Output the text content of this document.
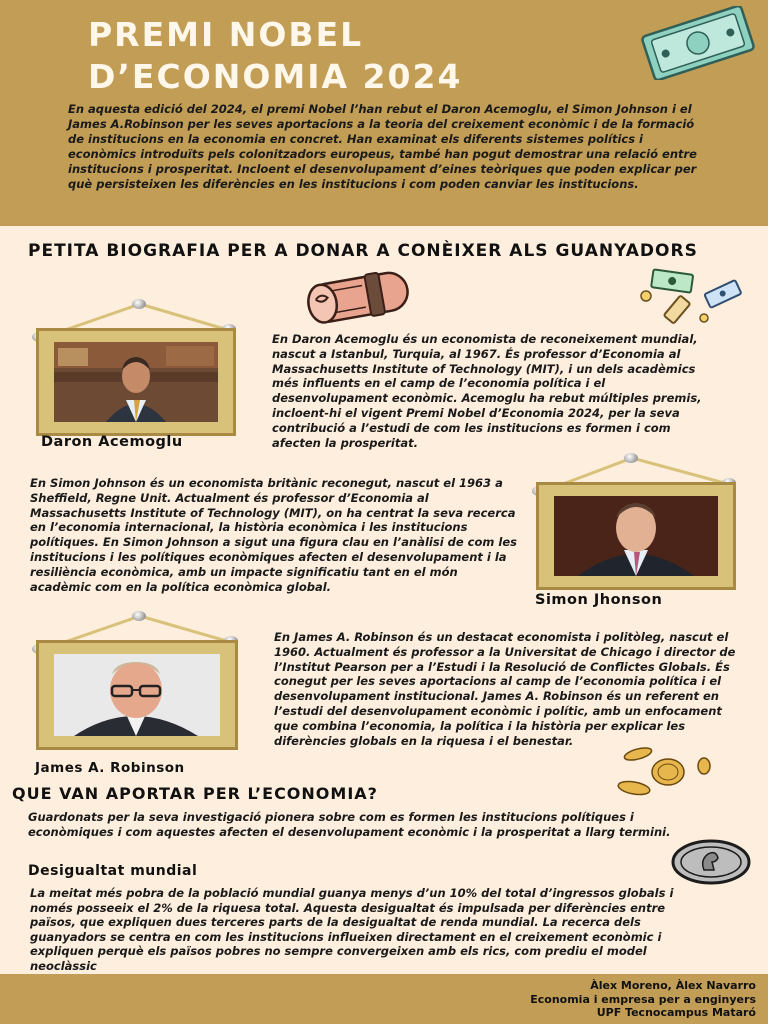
PREMI NOBEL
D’ECONOMIA 2024

En aquesta edició del 2024, el premi Nobel l’han rebut el Daron Acemoglu, el Simon Johnson i el James A.Robinson per les seves aportacions a la teoria del creixement econòmic i de la formació de institucions en la economia en concret. Han examinat els diferents sistemes polítics i econòmics introduïts pels colonitzadors europeus, també han pogut demostrar una relació entre institucions i prosperitat. Incloent el desenvolupament d’eines teòriques que poden explicar per què persisteixen les diferències en les institucions i com poden canviar les institucions.

PETITA BIOGRAFIA PER A DONAR A CONÈIXER ALS GUANYADORS
Daron Acemoglu

En Daron Acemoglu és un economista de reconeixement mundial, nascut a Istanbul, Turquia, al 1967. És professor d’Economia al Massachusetts Institute of Technology (MIT), i un dels acadèmics més influents en el camp de l’economia política i el desenvolupament econòmic. Acemoglu ha rebut múltiples premis, incloent-hi el vigent Premi Nobel d’Economia 2024, per la seva contribució a l’estudi de com les institucions es formen i com afecten la prosperitat.

En Simon Johnson és un economista britànic reconegut, nascut el 1963 a Sheffield, Regne Unit. Actualment és professor d’Economia al Massachusetts Institute of Technology (MIT), on ha centrat la seva recerca en l’economia internacional, la història econòmica i les institucions polítiques. En Simon Johnson a sigut una figura clau en l’anàlisi de com les institucions i les polítiques econòmiques afecten el desenvolupament i la resiliència econòmica, amb un impacte significatiu tant en el món acadèmic com en la política econòmica global.

Simon Jhonson
James A. Robinson

En James A. Robinson és un destacat economista i politòleg, nascut el 1960. Actualment és professor a la Universitat de Chicago i director de l’Institut Pearson per a l’Estudi i la Resolució de Conflictes Globals. És conegut per les seves aportacions al camp de l’economia política i el desenvolupament institucional. James A. Robinson és un referent en l’estudi del desenvolupament econòmic i polític, amb un enfocament que combina l’economia, la política i la història per explicar les diferències globals en la riquesa i el benestar.

QUE VAN APORTAR PER L’ECONOMIA?

Guardonats per la seva investigació pionera sobre com es formen les institucions polítiques i econòmiques i com aquestes afecten el desenvolupament econòmic i la prosperitat a llarg termini.

Desigualtat mundial

La meitat més pobra de la població mundial guanya menys d’un 10% del total d’ingressos globals i només posseeix el 2% de la riquesa total. Aquesta desigualtat és impulsada per diferències entre països, que expliquen dues terceres parts de la desigualtat de renda mundial. La recerca dels guanyadors se centra en com les institucions influeixen directament en el creixement econòmic i expliquen perquè els països pobres no sempre convergeixen amb els rics, com prediu el model neoclàssic

Àlex Moreno, Àlex Navarro
Economia i empresa per a enginyers
UPF Tecnocampus Mataró
